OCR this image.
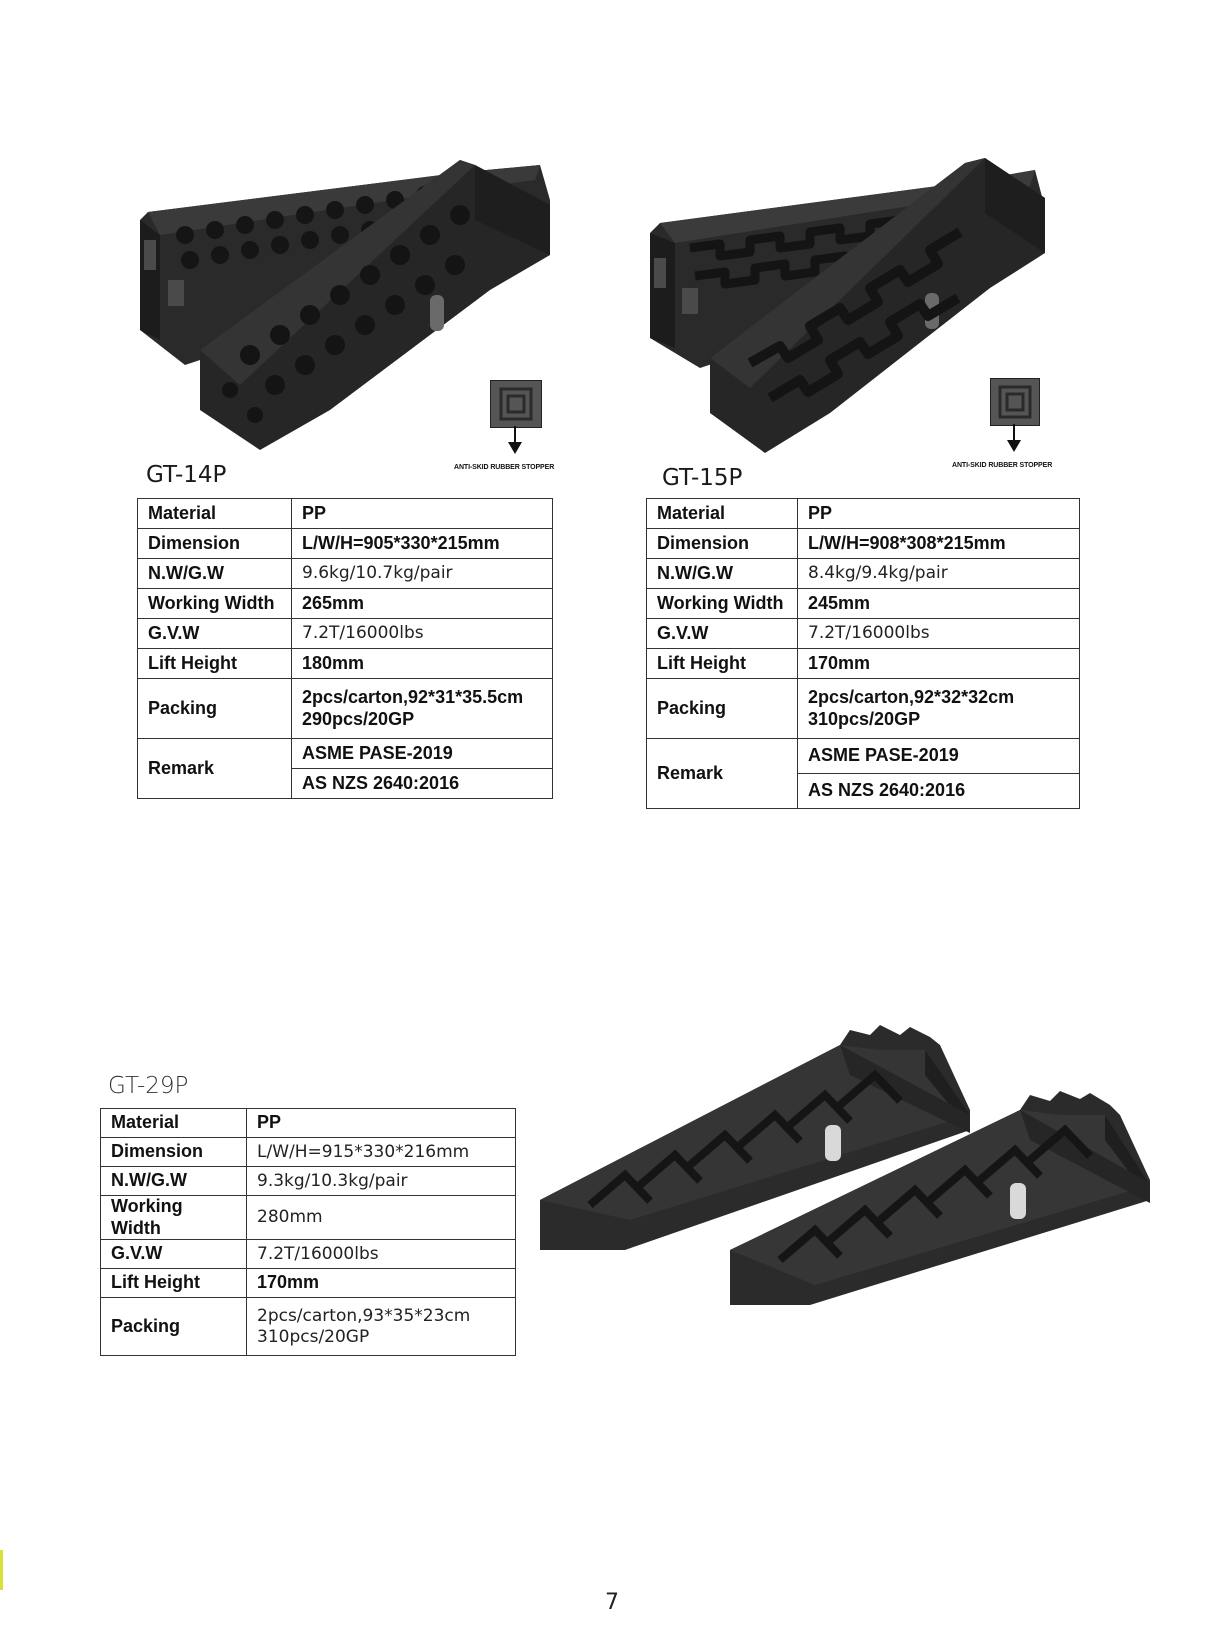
ANTI-SKID RUBBER STOPPER
GT-14P
Material	PP
Dimension	L/W/H=905*330*215mm
N.W/G.W	9.6kg/10.7kg/pair
Working Width	265mm
G.V.W	7.2T/16000lbs
Lift Height	180mm
Packing	2pcs/carton,92*31*35.5cm
290pcs/20GP

Remark	ASME PASE-2019
	AS NZS 2640:2016
ANTI-SKID RUBBER STOPPER
GT-15P
Material	PP
Dimension	L/W/H=908*308*215mm
N.W/G.W	8.4kg/9.4kg/pair
Working Width	245mm
G.V.W	7.2T/16000lbs
Lift Height	170mm
Packing	2pcs/carton,92*32*32cm
310pcs/20GP

Remark	ASME PASE-2019
	AS NZS 2640:2016
GT-29P
Material	PP
Dimension	L/W/H=915*330*216mm
N.W/G.W	9.3kg/10.3kg/pair
Working Width	280mm
G.V.W	7.2T/16000lbs
Lift Height	170mm
Packing	2pcs/carton,93*35*23cm
310pcs/20GP
7
